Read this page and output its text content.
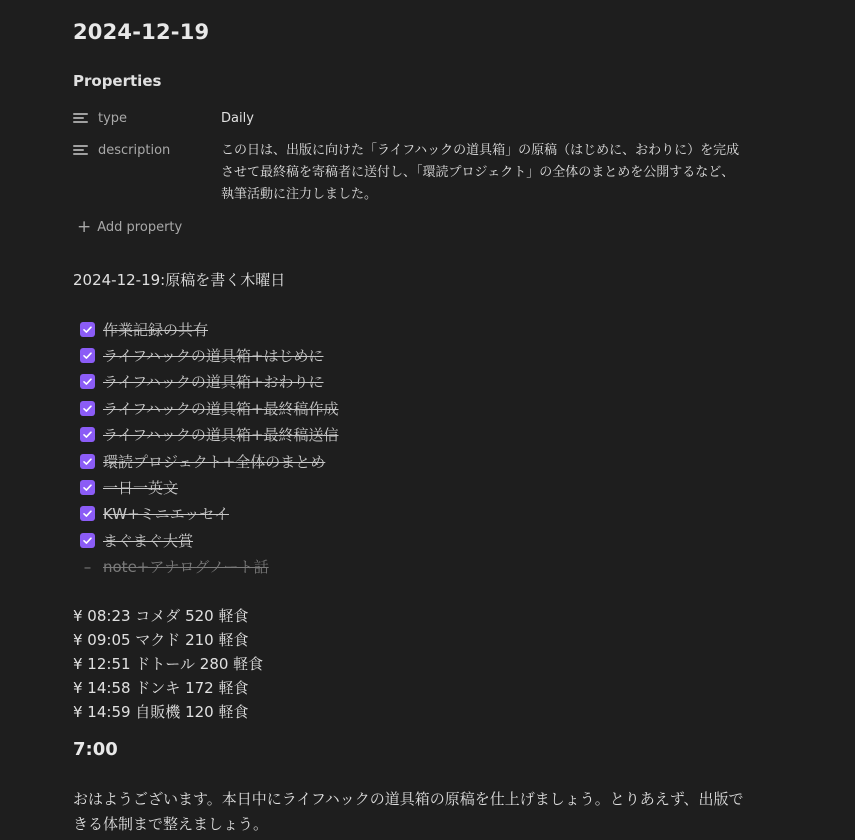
2024-12-19
Properties
type	Daily
description	この日は、出版に向けた「ライフハックの道具箱」の原稿（はじめに、おわりに）を完成させて最終稿を寄稿者に送付し、「環読プロジェクト」の全体のまとめを公開するなど、執筆活動に注力しました。
+ Add property
2024-12-19:原稿を書く木曜日
作業記録の共有
ライフハックの道具箱+はじめに
ライフハックの道具箱+おわりに
ライフハックの道具箱+最終稿作成
ライフハックの道具箱+最終稿送信
環読プロジェクト+全体のまとめ
一日一英文
KW+ミニエッセイ
まぐまぐ大賞
– note+アナログノート話
¥ 08:23 コメダ 520 軽食
¥ 09:05 マクド 210 軽食
¥ 12:51 ドトール 280 軽食
¥ 14:58 ドンキ 172 軽食
¥ 14:59 自販機 120 軽食
7:00

おはようございます。本日中にライフハックの道具箱の原稿を仕上げましょう。とりあえず、出版できる体制まで整えましょう。
